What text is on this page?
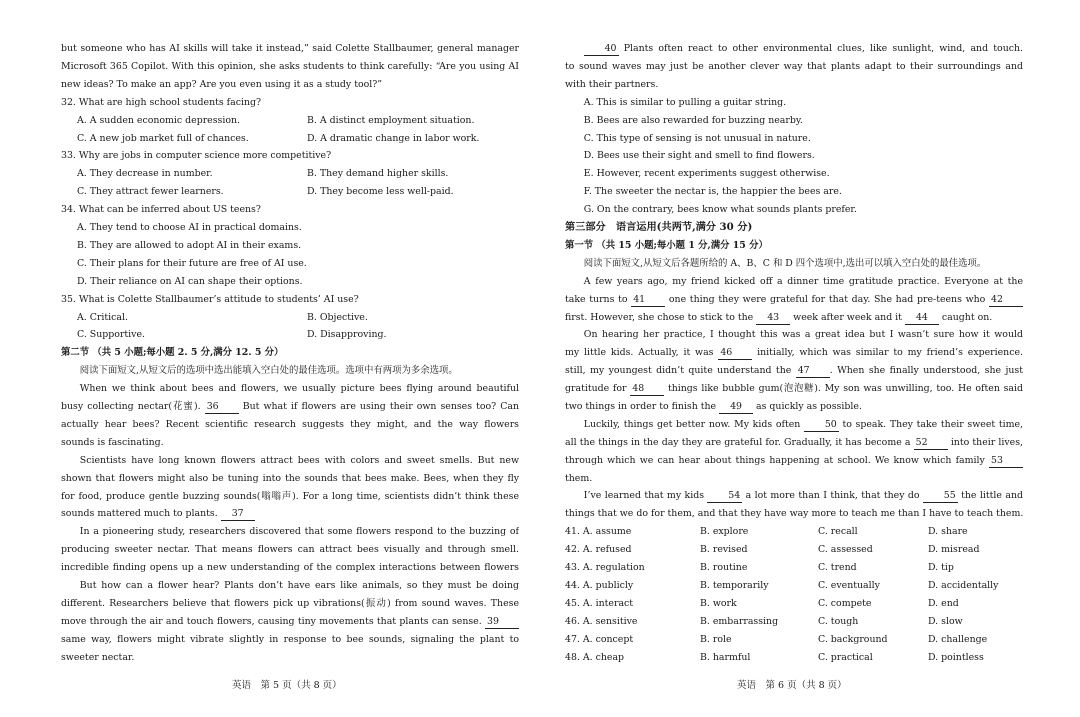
but someone who has AI skills will take it instead,” said Colette Stallbaumer, general manager

Microsoft 365 Copilot. With this opinion, she asks students to think carefully: “Are you using AI

new ideas? To make an app? Are you even using it as a study tool?”

32. What are high school students facing?

A. A sudden economic depression.	B. A distinct employment situation.
C. A new job market full of chances.	D. A dramatic change in labor work.

33. Why are jobs in computer science more competitive?

A. They decrease in number.	B. They demand higher skills.
C. They attract fewer learners.	D. They become less well-paid.

34. What can be inferred about US teens?

A. They tend to choose AI in practical domains.

B. They are allowed to adopt AI in their exams.

C. Their plans for their future are free of AI use.

D. Their reliance on AI can shape their options.

35. What is Colette Stallbaumer’s attitude to students’ AI use?

A. Critical.	B. Objective.
C. Supportive.	D. Disapproving.

第二节 （共 5 小题;每小题 2. 5 分,满分 12. 5 分）

阅读下面短文,从短文后的选项中选出能填入空白处的最佳选项。选项中有两项为多余选项。

When we think about bees and flowers, we usually picture bees flying around beautiful

busy collecting nectar(花蜜). 36	But what if flowers are using their own senses too? Can

actually hear bees? Recent scientific research suggests they might, and the way flowers

sounds is fascinating.

Scientists have long known flowers attract bees with colors and sweet smells. But new

shown that flowers might also be tuning into the sounds that bees make. Bees, when they fly

for food, produce gentle buzzing sounds(嗡嗡声). For a long time, scientists didn’t think these

sounds mattered much to plants. 37

In a pioneering study, researchers discovered that some flowers respond to the buzzing of

producing sweeter nectar. That means flowers can attract bees visually and through smell.

incredible finding opens up a new understanding of the complex interactions between flowers

But how can a flower hear? Plants don’t have ears like animals, so they must be doing

different. Researchers believe that flowers pick up vibrations(振动) from sound waves. These

move through the air and touch flowers, causing tiny movements that plants can sense. 39

same way, flowers might vibrate slightly in response to bee sounds, signaling the plant to

sweeter nectar.

英语　第 5 页（共 8 页）

40 Plants often react to other environmental clues, like sunlight, wind, and touch.

to sound waves may just be another clever way that plants adapt to their surroundings and

with their partners.

A. This is similar to pulling a guitar string.

B. Bees are also rewarded for buzzing nearby.

C. This type of sensing is not unusual in nature.

D. Bees use their sight and smell to find flowers.

E. However, recent experiments suggest otherwise.

F. The sweeter the nectar is, the happier the bees are.

G. On the contrary, bees know what sounds plants prefer.

第三部分　语言运用(共两节,满分 30 分)

第一节 （共 15 小题;每小题 1 分,满分 15 分）

阅读下面短文,从短文后各题所给的 A、B、C 和 D 四个选项中,选出可以填入空白处的最佳选项。

A few years ago, my friend kicked off a dinner time gratitude practice. Everyone at the

take turns to 41	one thing they were grateful for that day. She had pre-teens who 42

first. However, she chose to stick to the 43 week after week and it 44 caught on.

On hearing her practice, I thought this was a great idea but I wasn’t sure how it would

my little kids. Actually, it was 46	initially, which was similar to my friend’s experience.

still, my youngest didn’t quite understand the 47 . When she finally understood, she just

gratitude for 48	things like bubble gum(泡泡糖). My son was unwilling, too. He often said

two things in order to finish the 49 as quickly as possible.

Luckily, things get better now. My kids often	50 to speak. They take their sweet time,

all the things in the day they are grateful for. Gradually, it has become a 52 into their lives,

through which we can hear about things happening at school. We know which family 53

them.

I’ve learned that my kids	54 a lot more than I think, that they do	55 the little and

things that we do for them, and that they have way more to teach me than I have to teach them.

41. A. assume	B. explore	C. recall	D. share
42. A. refused	B. revised	C. assessed	D. misread
43. A. regulation	B. routine	C. trend	D. tip
44. A. publicly	B. temporarily	C. eventually	D. accidentally
45. A. interact	B. work	C. compete	D. end
46. A. sensitive	B. embarrassing	C. tough	D. slow
47. A. concept	B. role	C. background	D. challenge
48. A. cheap	B. harmful	C. practical	D. pointless
英语　第 6 页（共 8 页）
